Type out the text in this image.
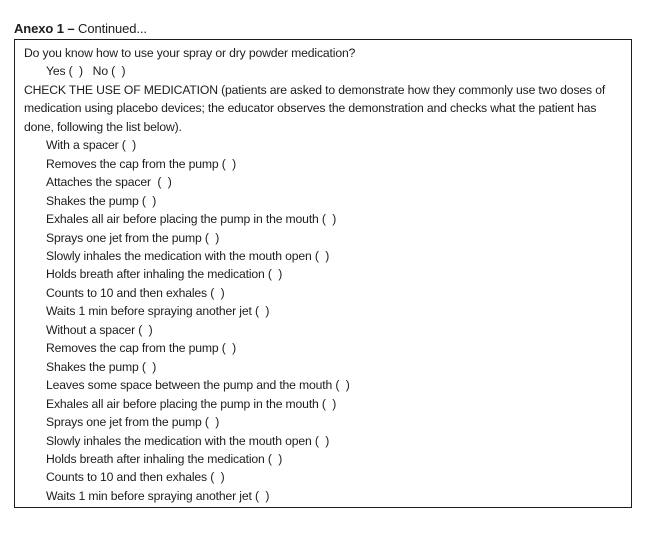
Anexo 1 – Continued...
Do you know how to use your spray or dry powder medication?
Yes (  )   No (  )
CHECK THE USE OF MEDICATION (patients are asked to demonstrate how they commonly use two doses of medication using placebo devices; the educator observes the demonstration and checks what the patient has done, following the list below).
With a spacer (  )
Removes the cap from the pump (  )
Attaches the spacer  (  )
Shakes the pump (  )
Exhales all air before placing the pump in the mouth (  )
Sprays one jet from the pump (  )
Slowly inhales the medication with the mouth open (  )
Holds breath after inhaling the medication (  )
Counts to 10 and then exhales (  )
Waits 1 min before spraying another jet (  )
Without a spacer (  )
Removes the cap from the pump (  )
Shakes the pump (  )
Leaves some space between the pump and the mouth (  )
Exhales all air before placing the pump in the mouth (  )
Sprays one jet from the pump (  )
Slowly inhales the medication with the mouth open (  )
Holds breath after inhaling the medication (  )
Counts to 10 and then exhales (  )
Waits 1 min before spraying another jet (  )
